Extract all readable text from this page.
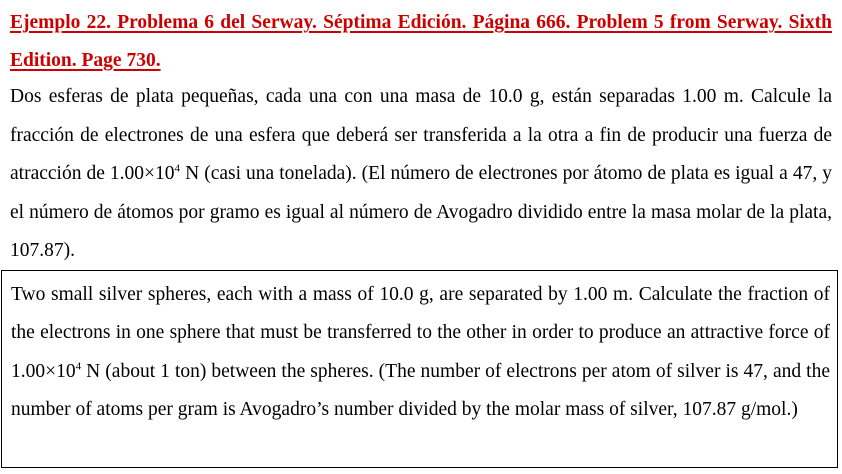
Ejemplo 22. Problema 6 del Serway. Séptima Edición. Página 666. Problem 5 from Serway. Sixth Edition. Page 730.

Dos esferas de plata pequeñas, cada una con una masa de 10.0 g, están separadas 1.00 m. Calcule la fracción de electrones de una esfera que deberá ser transferida a la otra a fin de producir una fuerza de atracción de $1.00\times 10^4$ N (casi una tonelada). (El número de electrones por átomo de plata es igual a 47, y el número de átomos por gramo es igual al número de Avogadro dividido entre la masa molar de la plata, 107.87).

Two small silver spheres, each with a mass of 10.0 g, are separated by 1.00 m. Calculate the fraction of the electrons in one sphere that must be transferred to the other in order to produce an attractive force of $1.00\times 10^4$ N (about 1 ton) between the spheres. (The number of electrons per atom of silver is 47, and the number of atoms per gram is Avogadro’s number divided by the molar mass of silver, 107.87 g/mol.)
